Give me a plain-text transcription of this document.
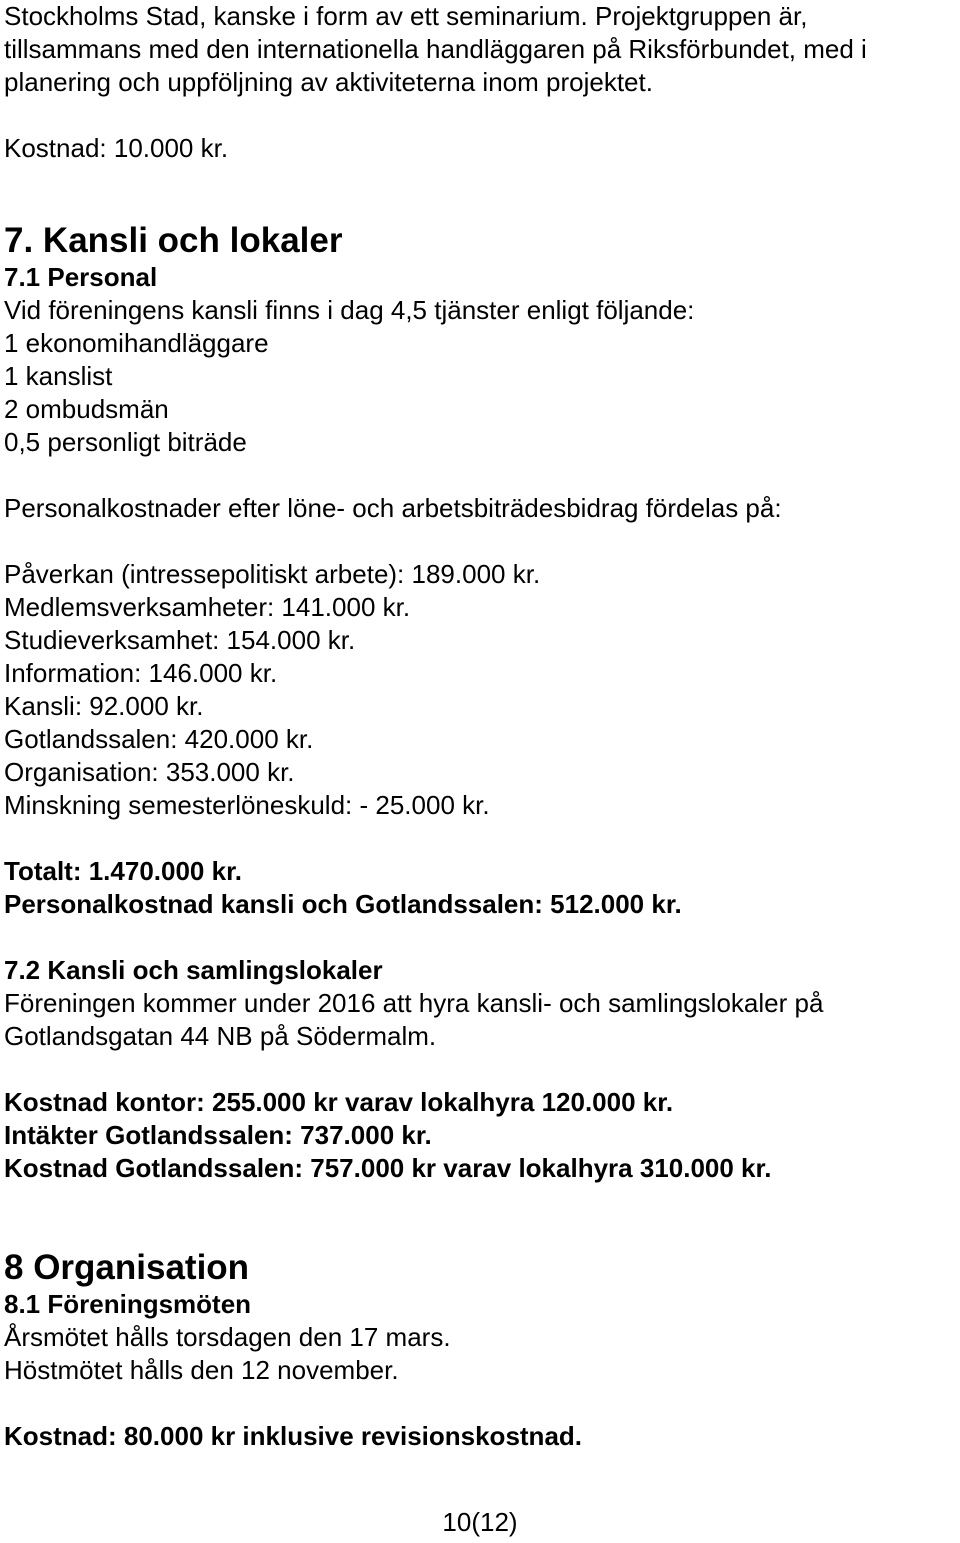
Stockholms Stad, kanske i form av ett seminarium. Projektgruppen är,

tillsammans med den internationella handläggaren på Riksförbundet, med i

planering och uppföljning av aktiviteterna inom projektet.

Kostnad: 10.000 kr.

7. Kansli och lokaler

7.1 Personal

Vid föreningens kansli finns i dag 4,5 tjänster enligt följande:

1 ekonomihandläggare

1 kanslist

2 ombudsmän

0,5 personligt biträde

Personalkostnader efter löne- och arbetsbiträdesbidrag fördelas på:

Påverkan (intressepolitiskt arbete): 189.000 kr.

Medlemsverksamheter: 141.000 kr.

Studieverksamhet: 154.000 kr.

Information: 146.000 kr.

Kansli: 92.000 kr.

Gotlandssalen: 420.000 kr.

Organisation: 353.000 kr.

Minskning semesterlöneskuld: - 25.000 kr.

Totalt: 1.470.000 kr.

Personalkostnad kansli och Gotlandssalen: 512.000 kr.

7.2 Kansli och samlingslokaler

Föreningen kommer under 2016 att hyra kansli- och samlingslokaler på

Gotlandsgatan 44 NB på Södermalm.

Kostnad kontor: 255.000 kr varav lokalhyra 120.000 kr.

Intäkter Gotlandssalen: 737.000 kr.

Kostnad Gotlandssalen: 757.000 kr varav lokalhyra 310.000 kr.

8 Organisation

8.1 Föreningsmöten

Årsmötet hålls torsdagen den 17 mars.

Höstmötet hålls den 12 november.

Kostnad: 80.000 kr inklusive revisionskostnad.

10(12)
